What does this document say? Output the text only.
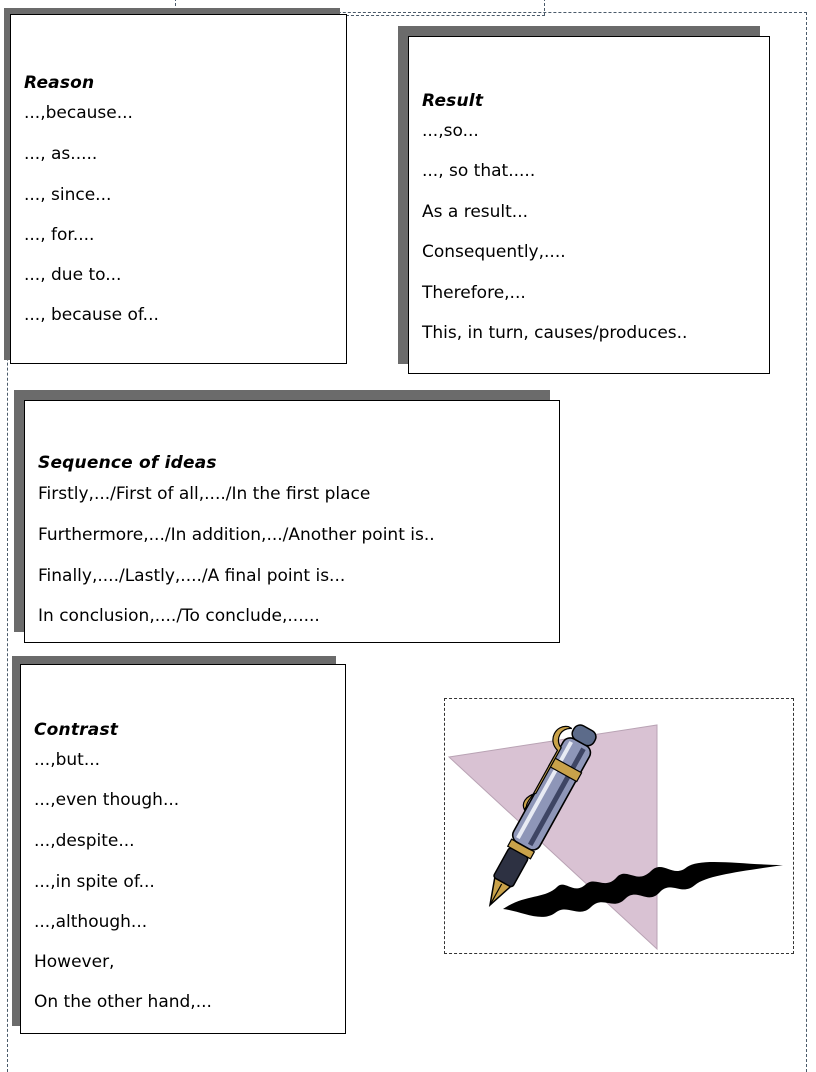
Reason
...,because...
..., as.....
..., since...
..., for....
..., due to...
..., because of...
Result
...,so...
..., so that.....
As a result...
Consequently,....
Therefore,...
This, in turn, causes/produces..
Sequence of ideas
Firstly,.../First of all,..../In the first place
Furthermore,.../In addition,.../Another point is..
Finally,..../Lastly,..../A final point is...
In conclusion,..../To conclude,......
Contrast
...,but...
...,even though...
...,despite...
...,in spite of...
...,although...
However,
On the other hand,...
